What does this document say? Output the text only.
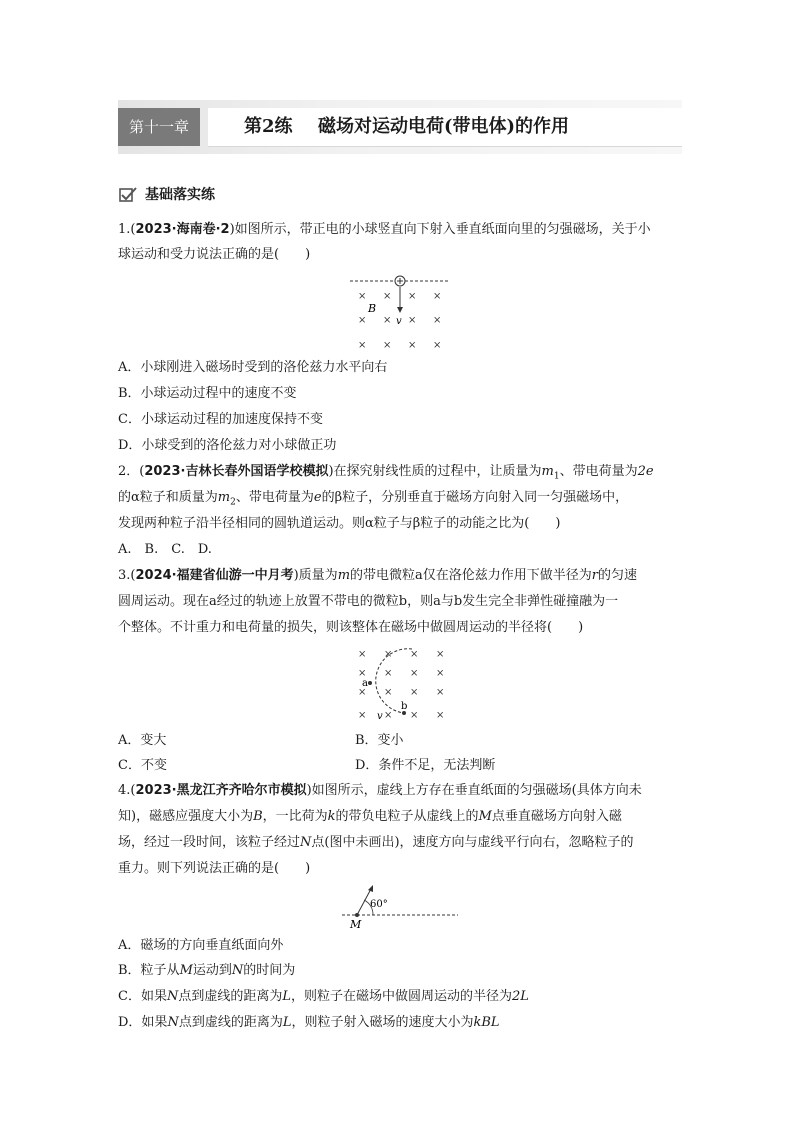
第十一章	第2练 磁场对运动电荷(带电体)的作用
基础落实练
1.(2023·海南卷·2)如图所示，带正电的小球竖直向下射入垂直纸面向里的匀强磁场，关于小
球运动和受力说法正确的是(　　)
× × × ×
× × × ×
× × × ×
B
v
A．小球刚进入磁场时受到的洛伦兹力水平向右
B．小球运动过程中的速度不变
C．小球运动过程的加速度保持不变
D．小球受到的洛伦兹力对小球做正功
2．(2023·吉林长春外国语学校模拟)在探究射线性质的过程中，让质量为$m_1$、带电荷量为2e
的α粒子和质量为$m_2$、带电荷量为e的β粒子，分别垂直于磁场方向射入同一匀强磁场中，
发现两种粒子沿半径相同的圆轨道运动。则α粒子与β粒子的动能之比为(　　)
A.　B.　C.　D.
3.(2024·福建省仙游一中月考)质量为m的带电微粒a仅在洛伦兹力作用下做半径为r的匀速
圆周运动。现在a经过的轨迹上放置不带电的微粒b，则a与b发生完全非弹性碰撞融为一
个整体。不计重力和电荷量的损失，则该整体在磁场中做圆周运动的半径将(　　)
× × × ×
× × × ×
× × × ×
× × × ×
a
b
v
A．变大	B．变小
C．不变	D．条件不足，无法判断
4.(2023·黑龙江齐齐哈尔市模拟)如图所示，虚线上方存在垂直纸面的匀强磁场(具体方向未
知)，磁感应强度大小为B，一比荷为k的带负电粒子从虚线上的M点垂直磁场方向射入磁
场，经过一段时间，该粒子经过N点(图中未画出)，速度方向与虚线平行向右，忽略粒子的
重力。则下列说法正确的是(　　)
60°
M
A．磁场的方向垂直纸面向外
B．粒子从M运动到N的时间为
C．如果N点到虚线的距离为L，则粒子在磁场中做圆周运动的半径为2L
D．如果N点到虚线的距离为L，则粒子射入磁场的速度大小为kBL
